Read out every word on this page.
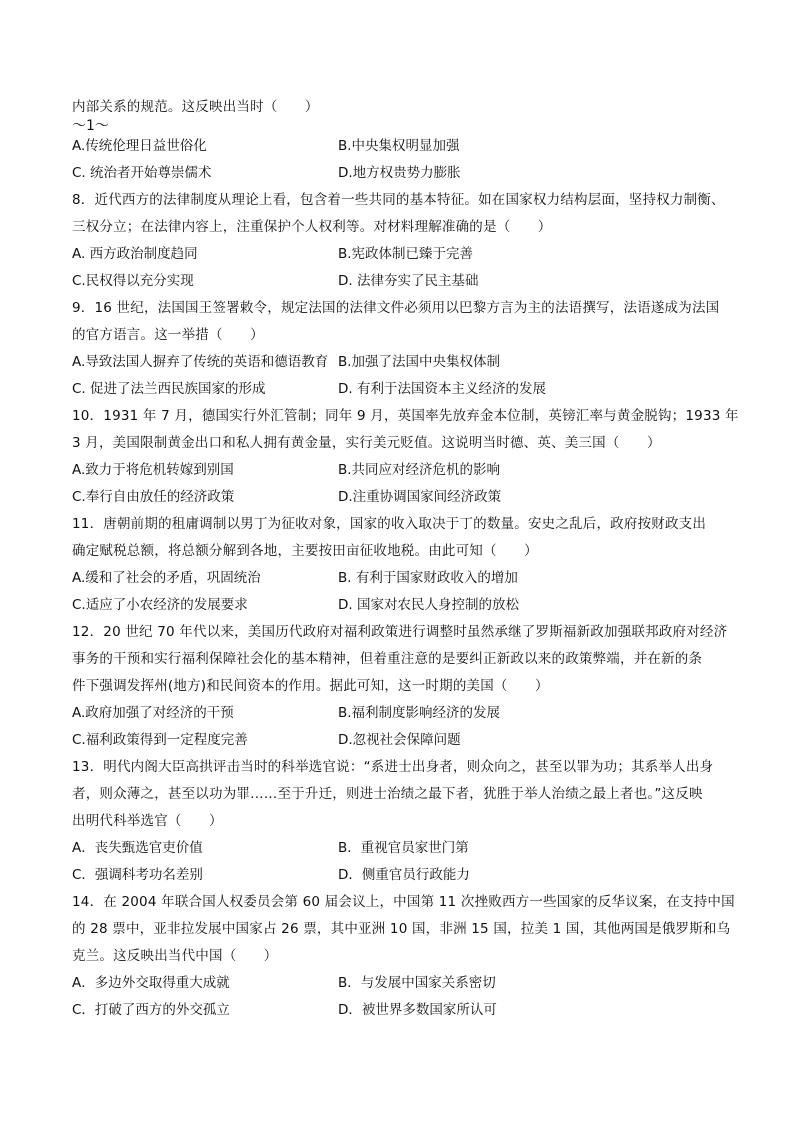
内部关系的规范。这反映出当时（　　）
～1～
A.传统伦理日益世俗化	B.中央集权明显加强
C. 统治者开始尊崇儒术	D.地方权贵势力膨胀
8．近代西方的法律制度从理论上看，包含着一些共同的基本特征。如在国家权力结构层面，坚持权力制衡、
三权分立；在法律内容上，注重保护个人权利等。对材料理解准确的是（　　）
A. 西方政治制度趋同	B.宪政体制已臻于完善
C.民权得以充分实现	D. 法律夯实了民主基础
9．16 世纪，法国国王签署敕令，规定法国的法律文件必须用以巴黎方言为主的法语撰写，法语遂成为法国
的官方语言。这一举措（　　）
A.导致法国人摒弃了传统的英语和德语教育 B.加强了法国中央集权体制
C. 促进了法兰西民族国家的形成	D. 有利于法国资本主义经济的发展
10．1931 年 7 月，德国实行外汇管制；同年 9 月，英国率先放弃金本位制，英镑汇率与黄金脱钩；1933 年
3 月，美国限制黄金出口和私人拥有黄金量，实行美元贬值。这说明当时德、英、美三国（　　）
A.致力于将危机转嫁到别国	B.共同应对经济危机的影响
C.奉行自由放任的经济政策	D.注重协调国家间经济政策
11．唐朝前期的租庸调制以男丁为征收对象，国家的收入取决于丁的数量。安史之乱后，政府按财政支出
确定赋税总额，将总额分解到各地，主要按田亩征收地税。由此可知（　　）
A.缓和了社会的矛盾，巩固统治	B. 有利于国家财政收入的增加
C.适应了小农经济的发展要求	D. 国家对农民人身控制的放松
12．20 世纪 70 年代以来，美国历代政府对福利政策进行调整时虽然承继了罗斯福新政加强联邦政府对经济
事务的干预和实行福利保障社会化的基本精神，但着重注意的是要纠正新政以来的政策弊端，并在新的条
件下强调发挥州(地方)和民间资本的作用。据此可知，这一时期的美国（　　）
A.政府加强了对经济的干预	B.福利制度影响经济的发展
C.福利政策得到一定程度完善	D.忽视社会保障问题
13．明代内阁大臣高拱评击当时的科举选官说：“系进士出身者，则众向之，甚至以罪为功；其系举人出身
者，则众薄之，甚至以功为罪……至于升迁，则进士治绩之最下者，犹胜于举人治绩之最上者也。”这反映
出明代科举选官（　　）
A．丧失甄选官吏价值	B．重视官员家世门第
C．强调科考功名差别	D．侧重官员行政能力
14．在 2004 年联合国人权委员会第 60 届会议上，中国第 11 次挫败西方一些国家的反华议案，在支持中国
的 28 票中，亚非拉发展中国家占 26 票，其中亚洲 10 国，非洲 15 国，拉美 1 国，其他两国是俄罗斯和乌
克兰。这反映出当代中国（　　）
A．多边外交取得重大成就	B．与发展中国家关系密切
C．打破了西方的外交孤立	D．被世界多数国家所认可
